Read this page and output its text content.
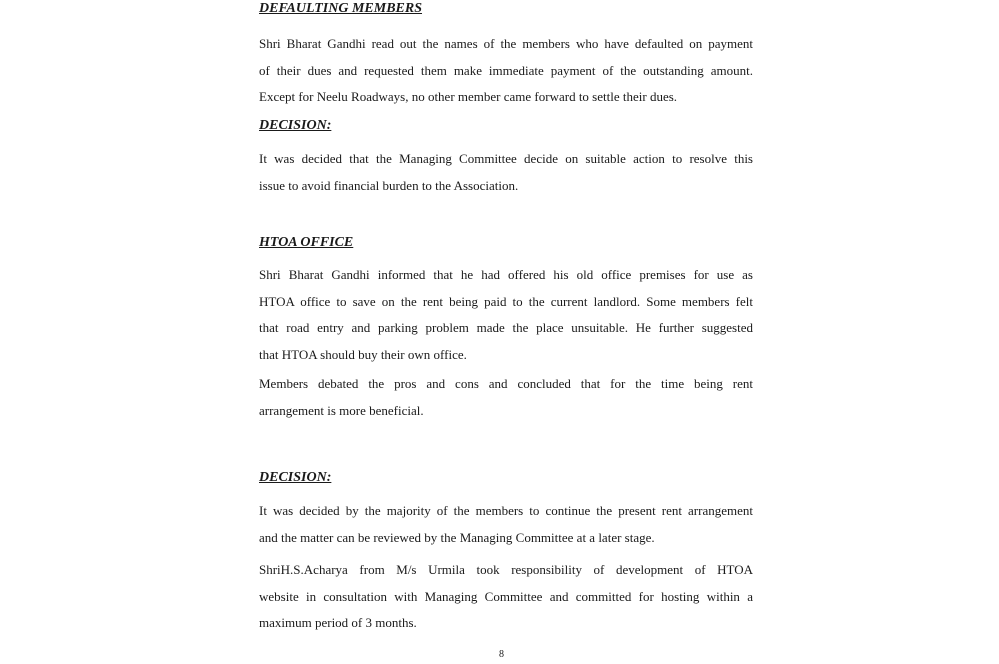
DEFAULTING MEMBERS
Shri Bharat Gandhi read out the names of the members who have defaulted on payment
of their dues and requested them make immediate payment of the outstanding amount.
Except for Neelu Roadways, no other member came forward to settle their dues.
DECISION:
It was decided that the Managing Committee decide on suitable action to resolve this
issue to avoid financial burden to the Association.
HTOA OFFICE
Shri Bharat Gandhi informed that he had offered his old office premises for use as
HTOA office to save on the rent being paid to the current landlord. Some members felt
that road entry and parking problem made the place unsuitable. He further suggested
that HTOA should buy their own office.
Members debated the pros and cons and concluded that for the time being rent
arrangement is more beneficial.
DECISION:
It was decided by the majority of the members to continue the present rent arrangement
and the matter can be reviewed by the Managing Committee at a later stage.
ShriH.S.Acharya from M/s Urmila took responsibility of development of HTOA
website in consultation with Managing Committee and committed for hosting within a
maximum period of 3 months.
8
